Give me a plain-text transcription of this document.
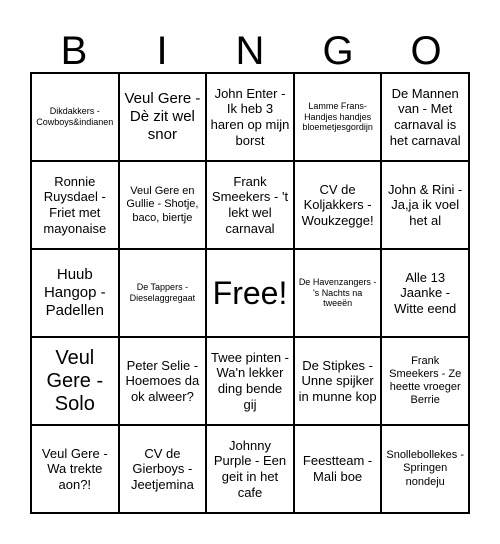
B	I	N	G	O
Dikdakkers - Cowboys&indianen
Veul Gere - Dè zit wel snor
John Enter - Ik heb 3 haren op mijn borst
Lamme Frans- Handjes handjes bloemetjesgordijn
De Mannen van - Met carnaval is het carnaval
Ronnie Ruysdael - Friet met mayonaise
Veul Gere en Gullie - Shotje, baco, biertje
Frank Smeekers - 't lekt wel carnaval
CV de Koljakkers - Woukzegge!
John & Rini - Ja,ja ik voel het al
Huub Hangop - Padellen
De Tappers - Dieselaggregaat Free! De Havenzangers - 's Nachts na tweeën
Alle 13 Jaanke - Witte eend
Veul Gere - Solo
Peter Selie - Hoemoes da ok alweer?
Twee pinten - Wa'n lekker ding bende gij
De Stipkes - Unne spijker in munne kop
Frank Smeekers - Ze heette vroeger Berrie
Veul Gere - Wa trekte aon?!
CV de Gierboys - Jeetjemina
Johnny Purple - Een geit in het cafe
Feestteam - Mali boe
Snollebollekes - Springen nondeju
